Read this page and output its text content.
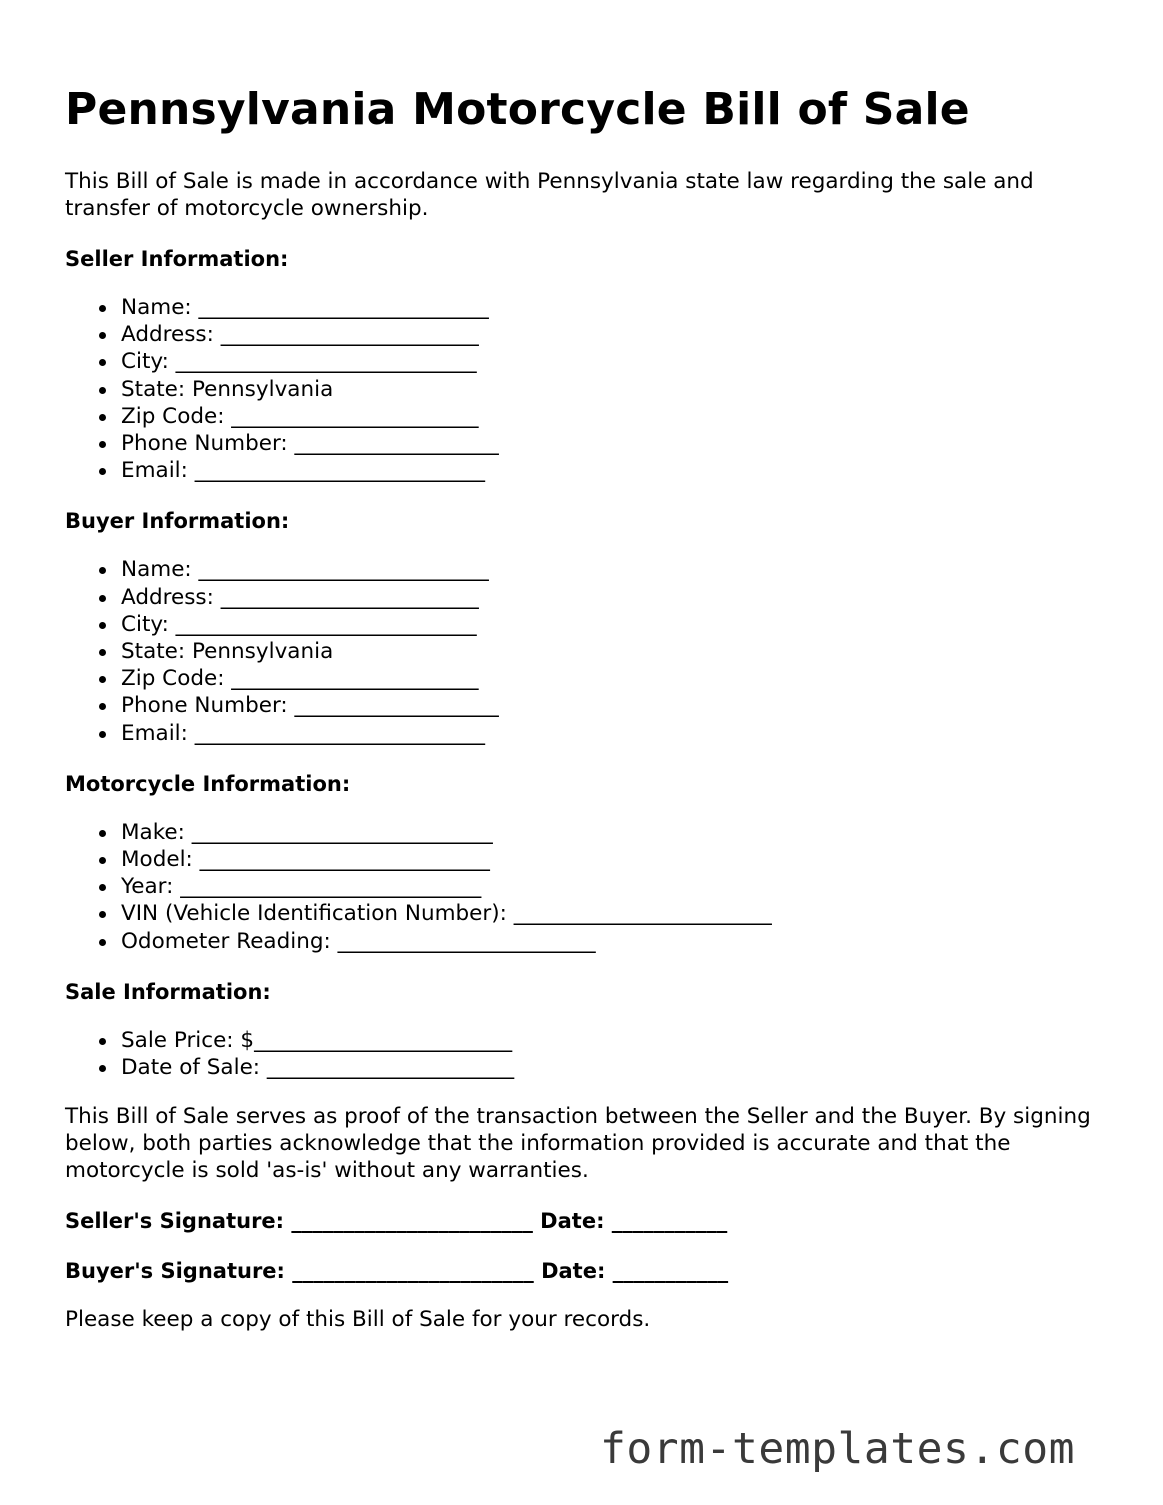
Pennsylvania Motorcycle Bill of Sale

This Bill of Sale is made in accordance with Pennsylvania state law regarding the sale and transfer of motorcycle ownership.

Seller Information:
Name: ___________________________
Address: ________________________
City: ____________________________
State: Pennsylvania
Zip Code: _______________________
Phone Number: ___________________
Email: ___________________________
Buyer Information:
Name: ___________________________
Address: ________________________
City: ____________________________
State: Pennsylvania
Zip Code: _______________________
Phone Number: ___________________
Email: ___________________________
Motorcycle Information:
Make: ____________________________
Model: ___________________________
Year: ____________________________
VIN (Vehicle Identification Number): ________________________
Odometer Reading: ________________________
Sale Information:
Sale Price: $________________________
Date of Sale: _______________________

This Bill of Sale serves as proof of the transaction between the Seller and the Buyer. By signing below, both parties acknowledge that the information provided is accurate and that the motorcycle is sold 'as-is' without any warranties.

Seller's Signature: _______________________ Date: ___________
Buyer's Signature: _______________________ Date: ___________

Please keep a copy of this Bill of Sale for your records.

form-templates.com
